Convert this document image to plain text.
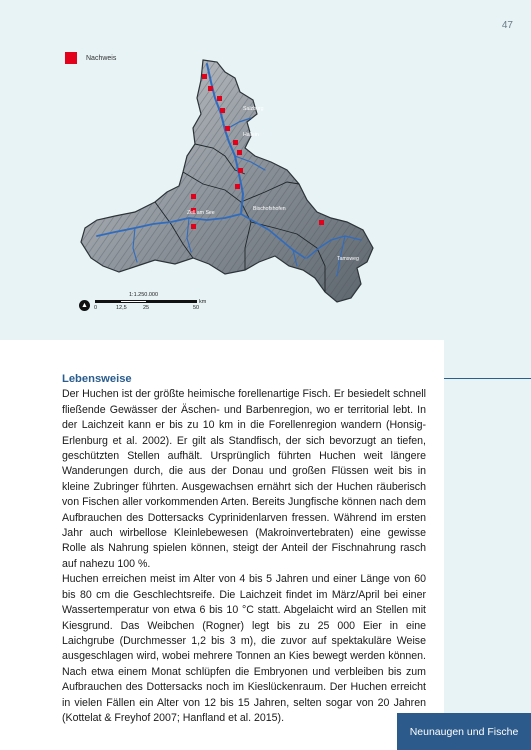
47
Nachweis
Salzburg
Hallein
Bischofshofen
Zell am See
Tamsweg
▲
1:1.250.000
km
0	12,5	25	50
Lebensweise

Der Huchen ist der größte heimische forellenartige Fisch. Er besiedelt schnell fließende Gewässer der Äschen- und Barbenregion, wo er territorial lebt. In der Laichzeit kann er bis zu 10 km in die Forellenregion wandern (Honsig-Erlenburg et al. 2002). Er gilt als Standfisch, der sich bevorzugt an tiefen, geschützten Stellen aufhält. Ursprünglich führten Huchen weit längere Wanderungen durch, die aus der Donau und großen Flüssen weit bis in kleine Zubringer führten. Ausgewachsen ernährt sich der Huchen räuberisch von Fischen aller vorkommenden Arten. Bereits Jungfische können nach dem Aufbrauchen des Dottersacks Cyprinidenlarven fressen. Während im ersten Jahr auch wirbellose Kleinlebewesen (Makroinvertebraten) eine gewisse Rolle als Nahrung spielen können, steigt der Anteil der Fischnahrung rasch auf nahezu 100 %.

Huchen erreichen meist im Alter von 4 bis 5 Jahren und einer Länge von 60 bis 80 cm die Geschlechtsreife. Die Laichzeit findet im März/April bei einer Wassertemperatur von etwa 6 bis 10 °C statt. Abgelaicht wird an Stellen mit Kiesgrund. Das Weibchen (Rogner) legt bis zu 25 000 Eier in eine Laichgrube (Durchmesser 1,2 bis 3 m), die zuvor auf spektakuläre Weise ausgeschlagen wird, wobei mehrere Tonnen an Kies bewegt werden können. Nach etwa einem Monat schlüpfen die Embryonen und verbleiben bis zum Aufbrauchen des Dottersacks noch im Kieslückenraum. Der Huchen erreicht in vielen Fällen ein Alter von 12 bis 15 Jahren, selten sogar von 20 Jahren (Kottelat & Freyhof 2007; Hanfland et al. 2015).

Neunaugen und Fische
